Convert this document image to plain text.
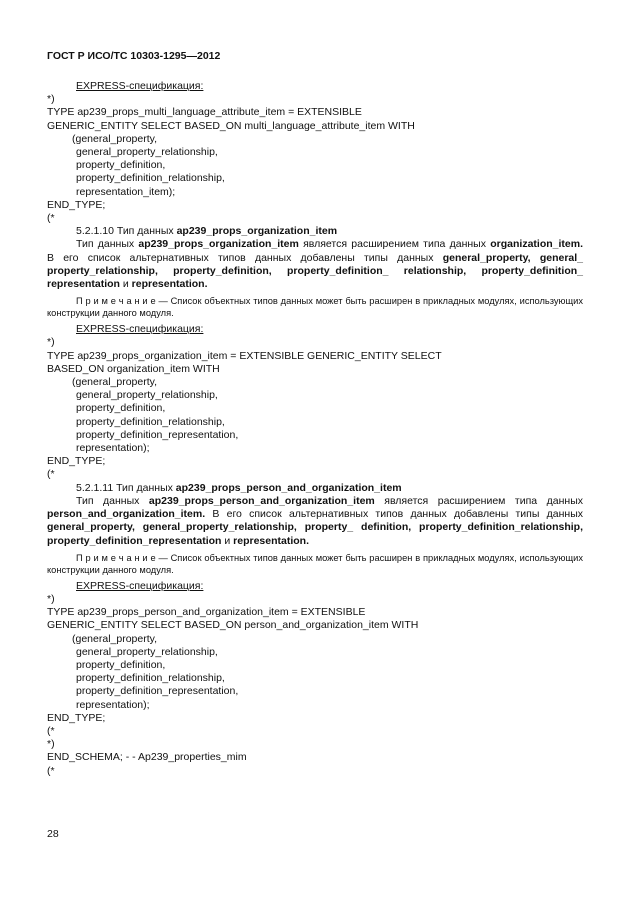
ГОСТ Р ИСО/ТС 10303-1295—2012
EXPRESS-спецификация:
*)
TYPE ap239_props_multi_language_attribute_item = EXTENSIBLE
GENERIC_ENTITY SELECT BASED_ON multi_language_attribute_item WITH
(general_property,
general_property_relationship,
property_definition,
property_definition_relationship,
representation_item);
END_TYPE;
(*
5.2.1.10 Тип данных ap239_props_organization_item

Тип данных ap239_props_organization_item является расширением типа данных organization_item. В его список альтернативных типов данных добавлены типы данных general_property, general_ property_relationship, property_definition, property_definition_ relationship, property_definition_ representation и representation.

П р и м е ч а н и е — Список объектных типов данных может быть расширен в прикладных модулях, использующих конструкции данного модуля.

EXPRESS-спецификация:
*)
TYPE ap239_props_organization_item = EXTENSIBLE GENERIC_ENTITY SELECT
BASED_ON organization_item WITH
(general_property,
general_property_relationship,
property_definition,
property_definition_relationship,
property_definition_representation,
representation);
END_TYPE;
(*
5.2.1.11 Тип данных ap239_props_person_and_organization_item

Тип данных ap239_props_person_and_organization_item является расширением типа данных person_and_organization_item. В его список альтернативных типов данных добавлены типы данных general_property, general_property_relationship, property_ definition, property_definition_relationship, property_definition_representation и representation.

П р и м е ч а н и е — Список объектных типов данных может быть расширен в прикладных модулях, использующих конструкции данного модуля.

EXPRESS-спецификация:
*)
TYPE ap239_props_person_and_organization_item = EXTENSIBLE
GENERIC_ENTITY SELECT BASED_ON person_and_organization_item WITH
(general_property,
general_property_relationship,
property_definition,
property_definition_relationship,
property_definition_representation,
representation);
END_TYPE;
(*
*)
END_SCHEMA; - - Ap239_properties_mim
(*
28
